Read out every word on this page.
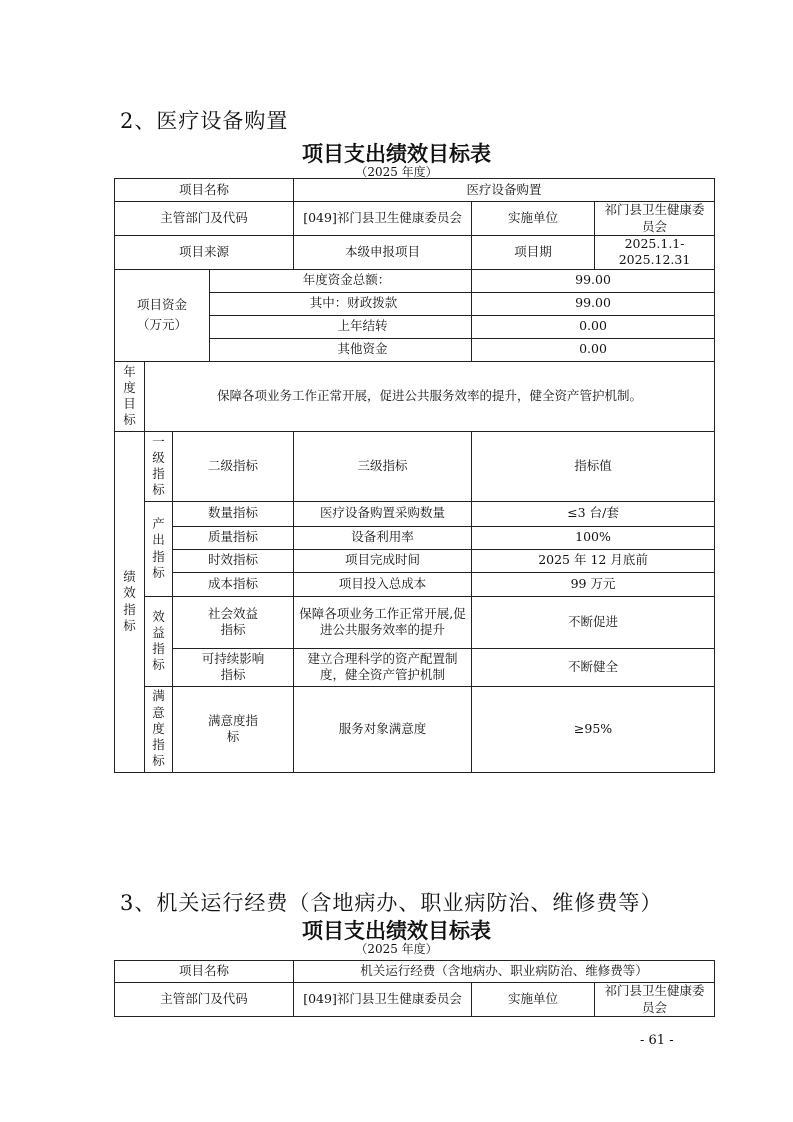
2、医疗设备购置
项目支出绩效目标表
（2025 年度）
项目名称				医疗设备购置		
主管部门及代码				[049]祁门县卫生健康委员会	实施单位	祁门县卫生健康委员会
项目来源				本级申报项目	项目期	2025.1.1-2025.12.31

项目资金（万元）			年度资金总额：		99.00	
			其中：财政拨款		99.00	
			上年结转		0.00	
			其他资金		0.00	

年度目标	保障各项业务工作正常开展，促进公共服务效率的提升，健全资产管护机制。					

绩效指标	一级指标	二级指标		三级指标	指标值	

	产出指标	数量指标		医疗设备购置采购数量	≤3 台/套	
		质量指标		设备利用率	100%	
		时效指标		项目完成时间	2025 年 12 月底前	
		成本指标		项目投入总成本	99 万元	

	效益指标	社会效益指标		保障各项业务工作正常开展,促进公共服务效率的提升	不断促进	

		可持续影响指标		建立合理科学的资产配置制度，健全资产管护机制	不断健全	

	满意度指标	满意度指标		服务对象满意度	≥95%	
3、机关运行经费（含地病办、职业病防治、维修费等）
项目支出绩效目标表
（2025 年度）
项目名称	机关运行经费（含地病办、职业病防治、维修费等）		
主管部门及代码	[049]祁门县卫生健康委员会	实施单位	祁门县卫生健康委员会
- 61 -
